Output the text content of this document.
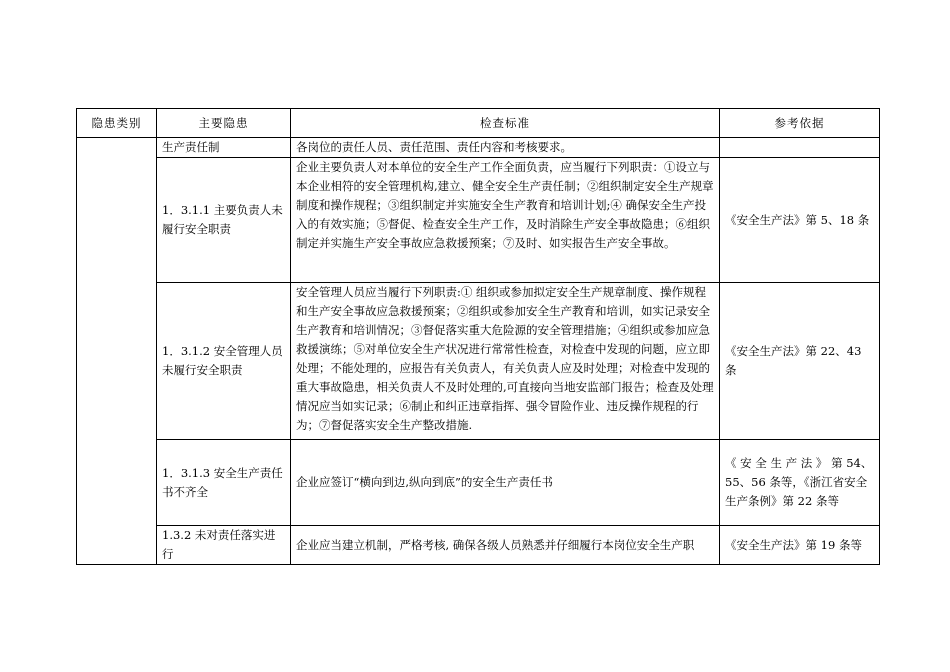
隐患类别	主要隐患	检查标准	参考依据
	生产责任制	各岗位的责任人员、责任范围、责任内容和考核要求。	
	1．3.1.1 主要负责人未履行安全职责	企业主要负责人对本单位的安全生产工作全面负责，应当履行下列职责：①设立与本企业相符的安全管理机构,建立、健全安全生产责任制；②组织制定安全生产规章制度和操作规程；③组织制定并实施安全生产教育和培训计划;④ 确保安全生产投入的有效实施；⑤督促、检查安全生产工作，及时消除生产安全事故隐患；⑥组织制定并实施生产安全事故应急救援预案；⑦及时、如实报告生产安全事故。	《安全生产法》第 5、18 条
	1．3.1.2 安全管理人员未履行安全职责	安全管理人员应当履行下列职责:① 组织或参加拟定安全生产规章制度、操作规程和生产安全事故应急救援预案；②组织或参加安全生产教育和培训，如实记录安全生产教育和培训情况；③督促落实重大危险源的安全管理措施；④组织或参加应急救援演练；⑤对单位安全生产状况进行常常性检查，对检查中发现的问题，应立即处理；不能处理的，应报告有关负责人，有关负责人应及时处理；对检查中发现的重大事故隐患，相关负责人不及时处理的,可直接向当地安监部门报告；检查及处理情况应当如实记录；⑥制止和纠正违章指挥、强令冒险作业、违反操作规程的行为；⑦督促落实安全生产整改措施.	《安全生产法》第 22、43 条
	1．3.1.3 安全生产责任书不齐全	企业应签订“横向到边,纵向到底”的安全生产责任书	《 安 全 生 产 法 》 第 54、55、56 条等，《浙江省安全生产条例》第 22 条等
	1.3.2 未对责任落实进行	企业应当建立机制，严格考核, 确保各级人员熟悉并仔细履行本岗位安全生产职	《安全生产法》第 19 条等
